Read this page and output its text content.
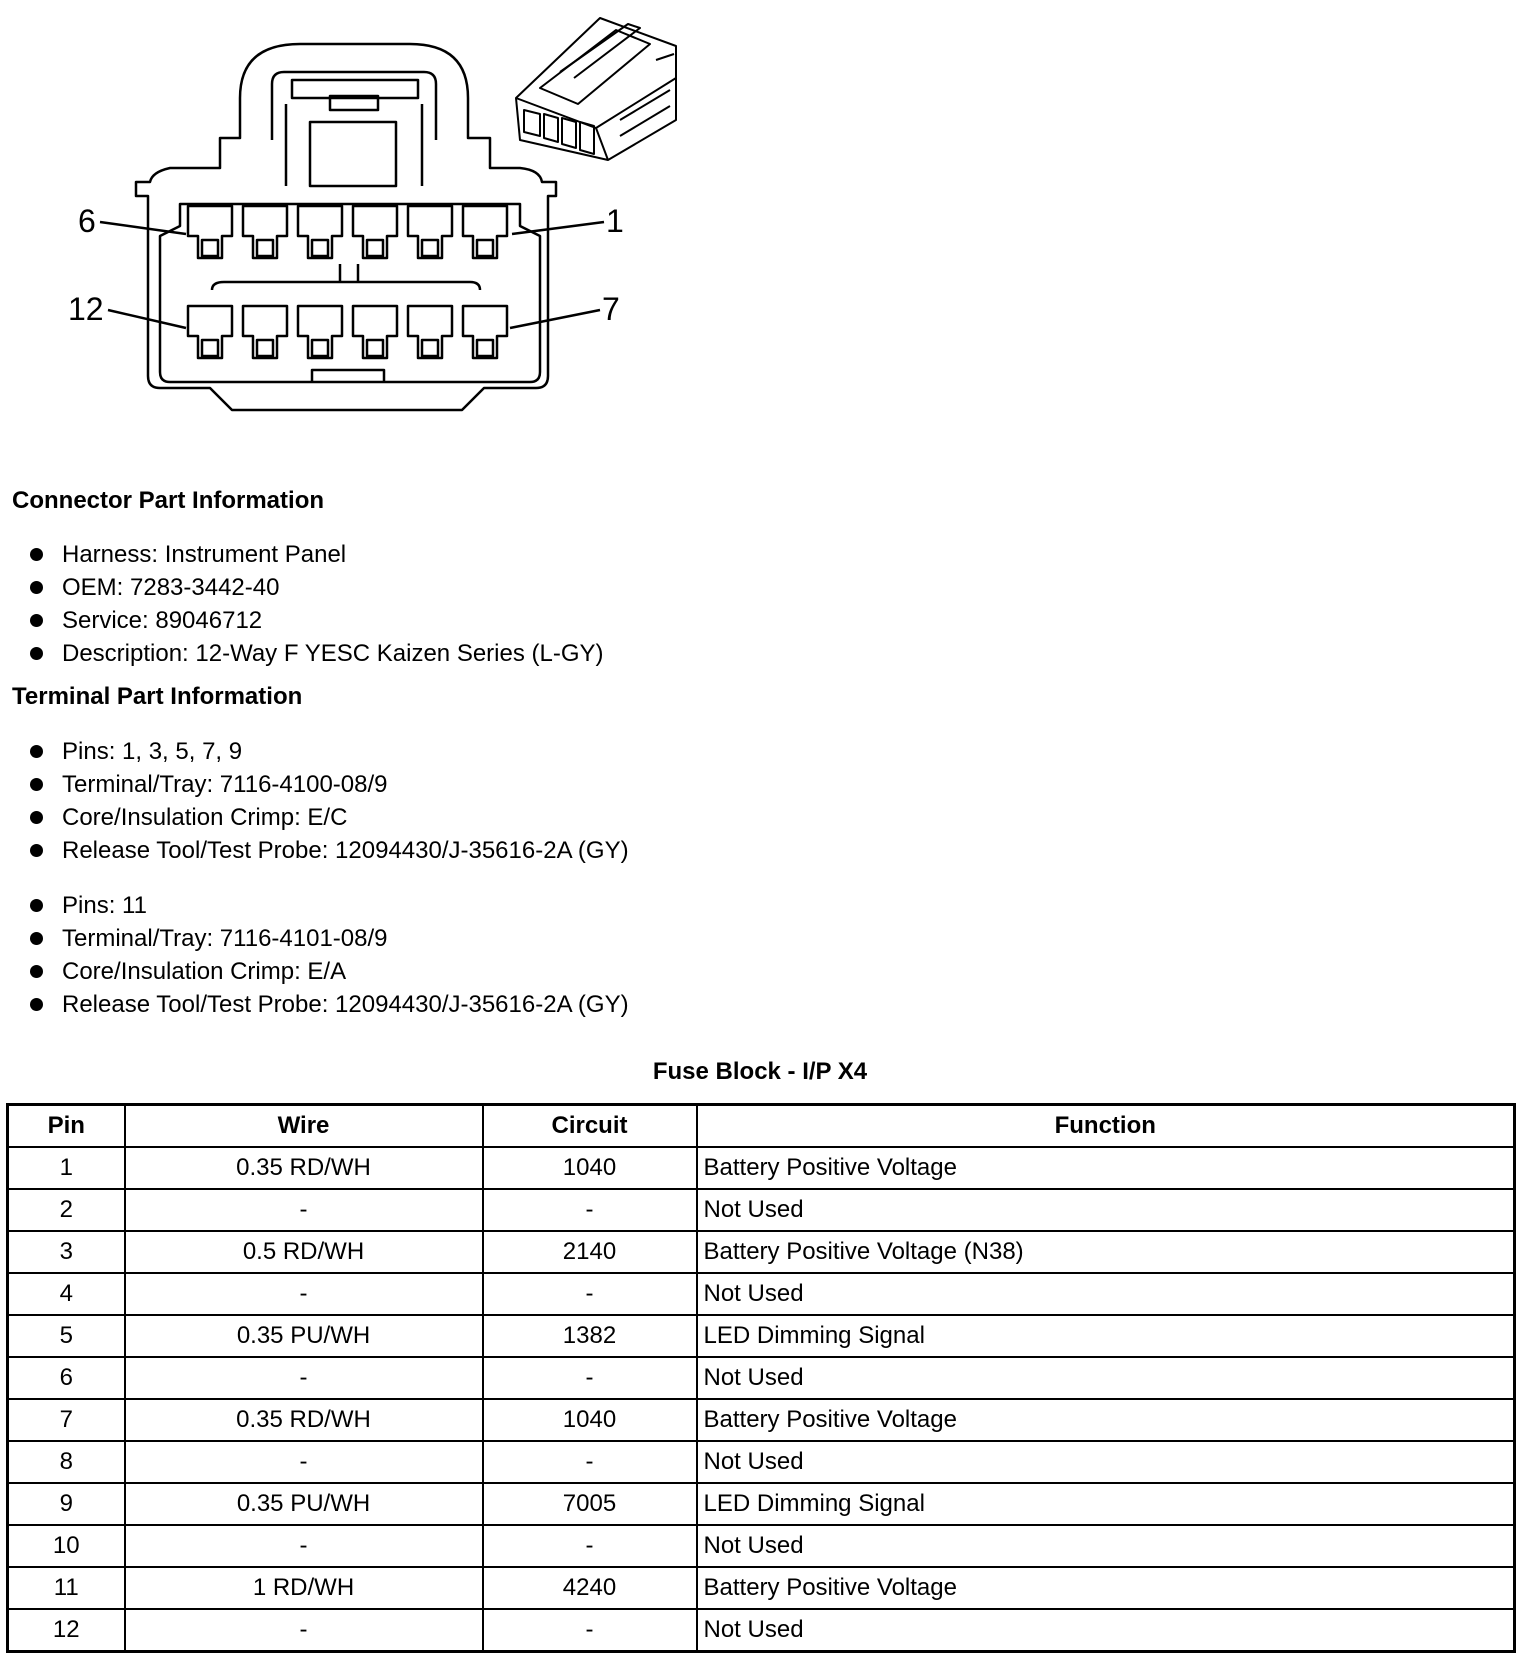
6	1
12	7
Connector Part Information
Harness: Instrument Panel
OEM: 7283-3442-40
Service: 89046712
Description: 12-Way F YESC Kaizen Series (L-GY)
Terminal Part Information
Pins: 1, 3, 5, 7, 9
Terminal/Tray: 7116-4100-08/9
Core/Insulation Crimp: E/C
Release Tool/Test Probe: 12094430/J-35616-2A (GY)
Pins: 11
Terminal/Tray: 7116-4101-08/9
Core/Insulation Crimp: E/A
Release Tool/Test Probe: 12094430/J-35616-2A (GY)
Fuse Block - I/P X4
Pin	Wire	Circuit	Function
1	0.35 RD/WH	1040	Battery Positive Voltage
2	-	-	Not Used
3	0.5 RD/WH	2140	Battery Positive Voltage (N38)
4	-	-	Not Used
5	0.35 PU/WH	1382	LED Dimming Signal
6	-	-	Not Used
7	0.35 RD/WH	1040	Battery Positive Voltage
8	-	-	Not Used
9	0.35 PU/WH	7005	LED Dimming Signal
10	-	-	Not Used
11	1 RD/WH	4240	Battery Positive Voltage
12	-	-	Not Used
